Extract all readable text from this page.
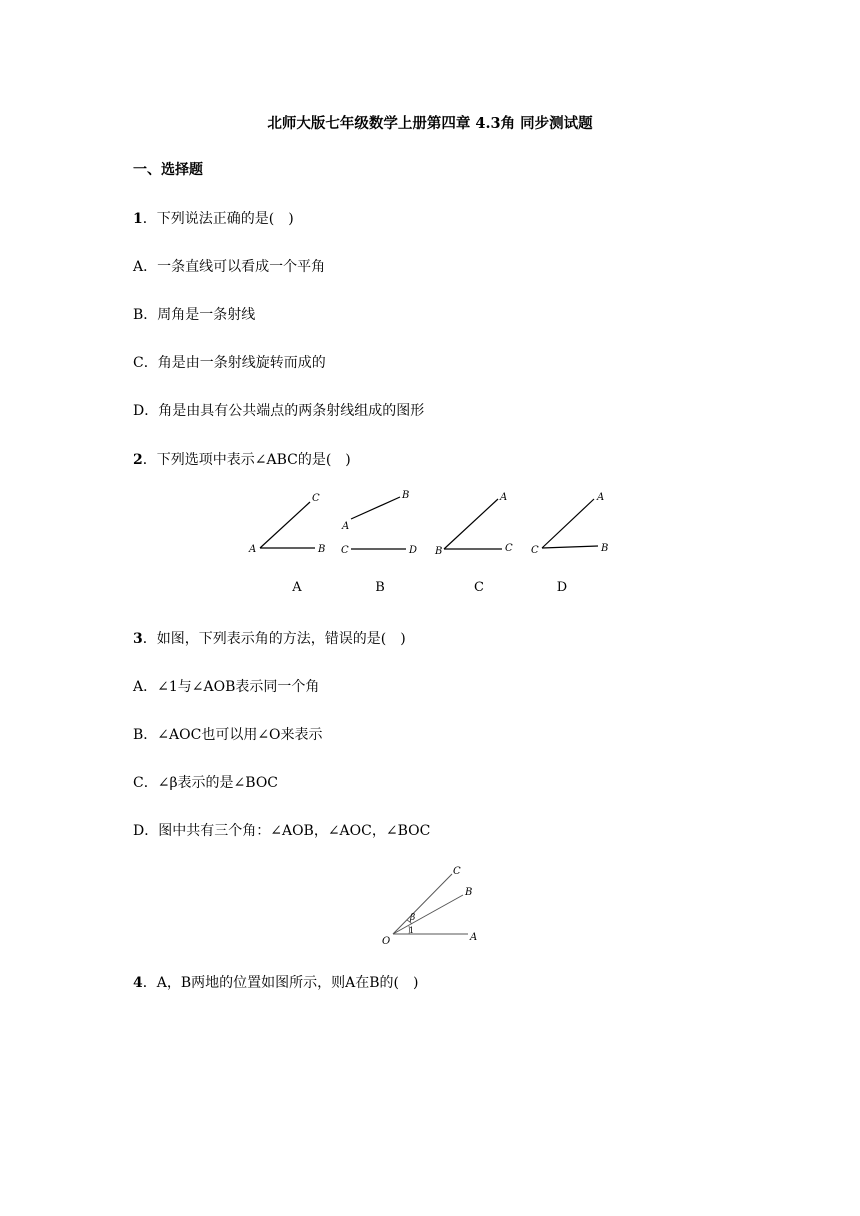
北师大版七年级数学上册第四章 4.3角 同步测试题
一、选择题
1．下列说法正确的是(　)
A．一条直线可以看成一个平角
B．周角是一条射线
C．角是由一条射线旋转而成的
D．角是由具有公共端点的两条射线组成的图形
2．下列选项中表示∠ABC的是(　)
C
A	B
A
B
C	D
A
B	C
A
C	B
A	B	C	D
3．如图，下列表示角的方法，错误的是(　)
A．∠1与∠AOB表示同一个角
B．∠AOC也可以用∠O来表示
C．∠β表示的是∠BOC
D．图中共有三个角：∠AOB，∠AOC，∠BOC
C
B
O	A
β
1
4．A，B两地的位置如图所示，则A在B的(　)
